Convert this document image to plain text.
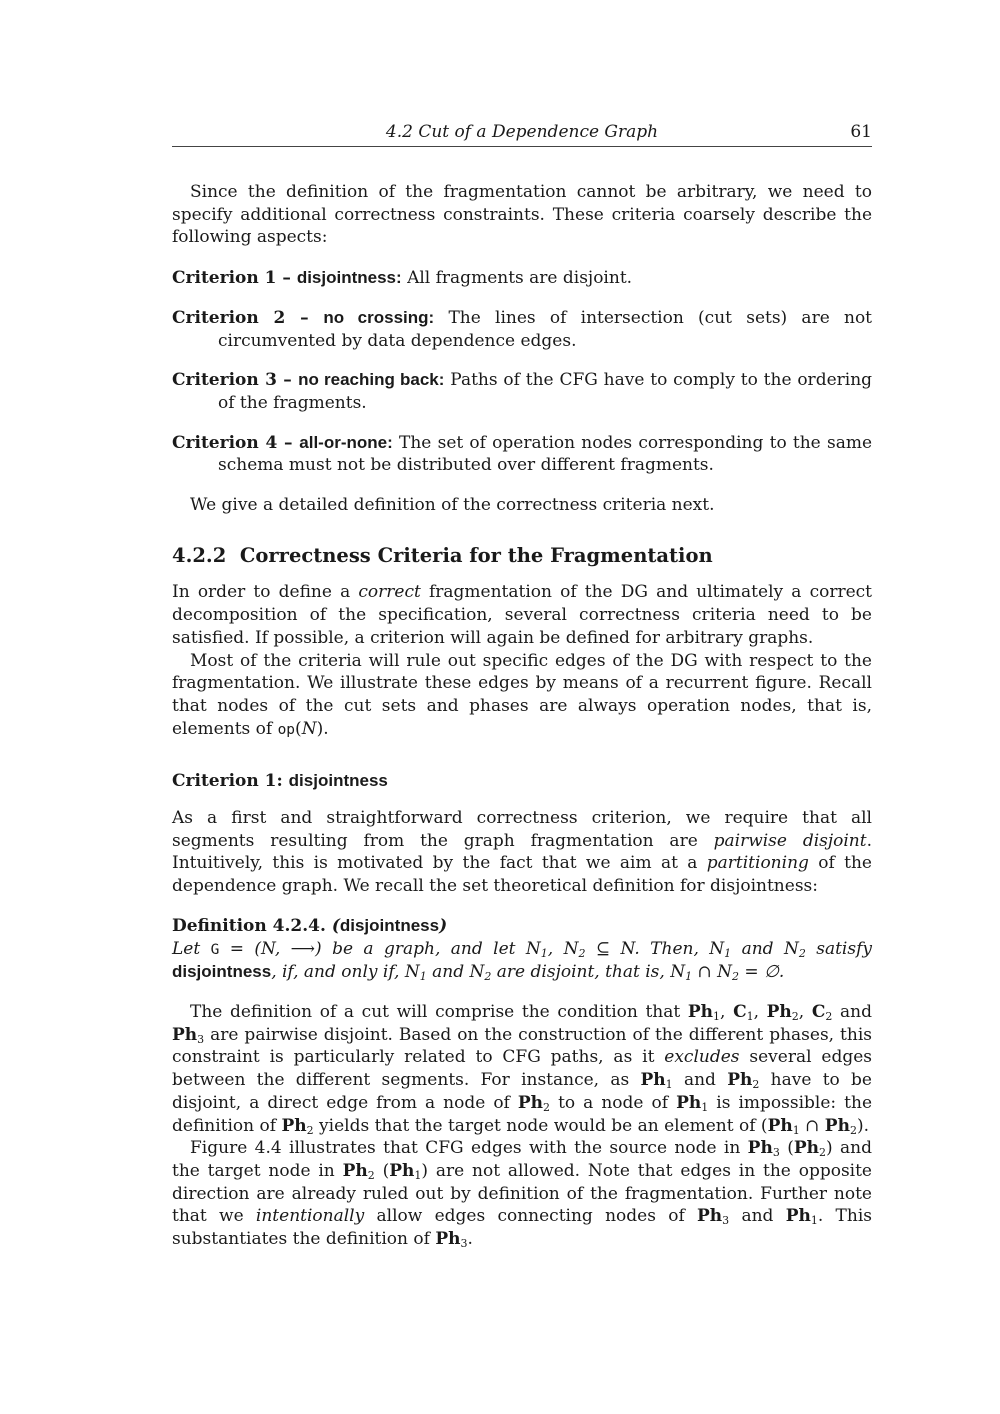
4.2 Cut of a Dependence Graph	61

Since the definition of the fragmentation cannot be arbitrary, we need to specify additional correctness constraints. These criteria coarsely describe the following aspects:

Criterion 1 – disjointness: All fragments are disjoint.

Criterion 2 – no crossing: The lines of intersection (cut sets) are not circumvented by data dependence edges.

Criterion 3 – no reaching back: Paths of the CFG have to comply to the ordering of the fragments.

Criterion 4 – all-or-none: The set of operation nodes corresponding to the same schema must not be distributed over different fragments.

We give a detailed definition of the correctness criteria next.

4.2.2 Correctness Criteria for the Fragmentation

In order to define a correct fragmentation of the DG and ultimately a correct decomposition of the specification, several correctness criteria need to be satisfied. If possible, a criterion will again be defined for arbitrary graphs.

Most of the criteria will rule out specific edges of the DG with respect to the fragmentation. We illustrate these edges by means of a recurrent figure. Recall that nodes of the cut sets and phases are always operation nodes, that is, elements of op(N).

Criterion 1: disjointness

As a first and straightforward correctness criterion, we require that all segments resulting from the graph fragmentation are pairwise disjoint. Intuitively, this is motivated by the fact that we aim at a partitioning of the dependence graph. We recall the set theoretical definition for disjointness:

Definition 4.2.4. (disjointness)

Let G = (N, ⟶) be a graph, and let $N_1$, $N_2$ ⊆ N. Then, $N_1$ and $N_2$ satisfy disjointness, if, and only if, $N_1$ and $N_2$ are disjoint, that is, $N_1$ ∩ $N_2$ = ∅.

The definition of a cut will comprise the condition that $Ph_1$, $C_1$, $Ph_2$, $C_2$ and $Ph_3$ are pairwise disjoint. Based on the construction of the different phases, this constraint is particularly related to CFG paths, as it excludes several edges between the different segments. For instance, as $Ph_1$ and $Ph_2$ have to be disjoint, a direct edge from a node of $Ph_2$ to a node of $Ph_1$ is impossible: the definition of $Ph_2$ yields that the target node would be an element of ($Ph_1$ ∩ $Ph_2$).

Figure 4.4 illustrates that CFG edges with the source node in $Ph_3$ $(Ph_2)$ and the target node in $Ph_2$ $(Ph_1)$ are not allowed. Note that edges in the opposite direction are already ruled out by definition of the fragmentation. Further note that we intentionally allow edges connecting nodes of $Ph_3$ and $Ph_1$. This substantiates the definition of $Ph_3$.
